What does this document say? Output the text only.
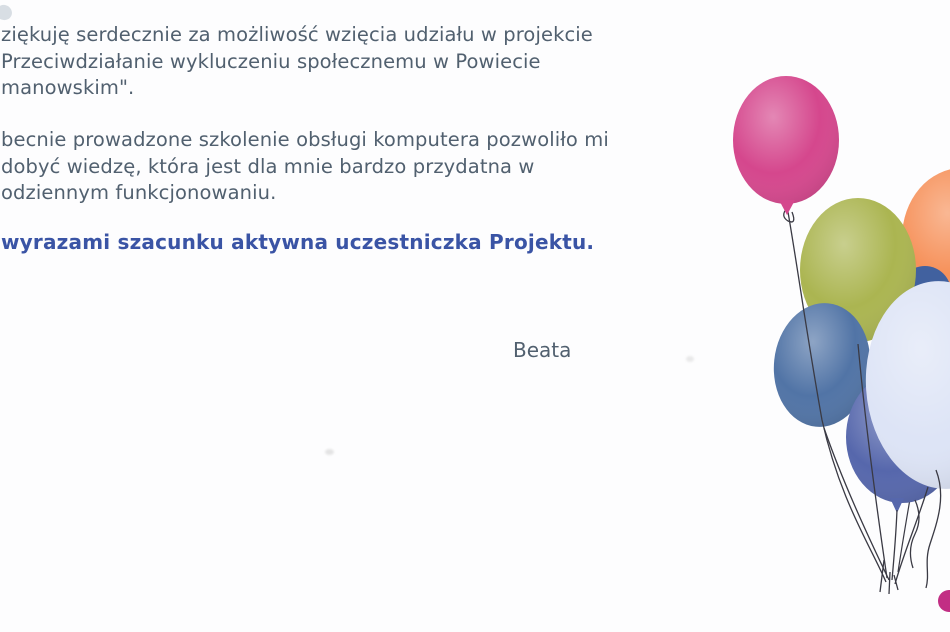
ziękuję serdecznie za możliwość wzięcia udziału w projekcie
Przeciwdziałanie wykluczeniu społecznemu w Powiecie
manowskim".

becnie prowadzone szkolenie obsługi komputera pozwoliło mi
dobyć wiedzę, która jest dla mnie bardzo przydatna w
odziennym funkcjonowaniu.

wyrazami szacunku aktywna uczestniczka Projektu.
Beata
